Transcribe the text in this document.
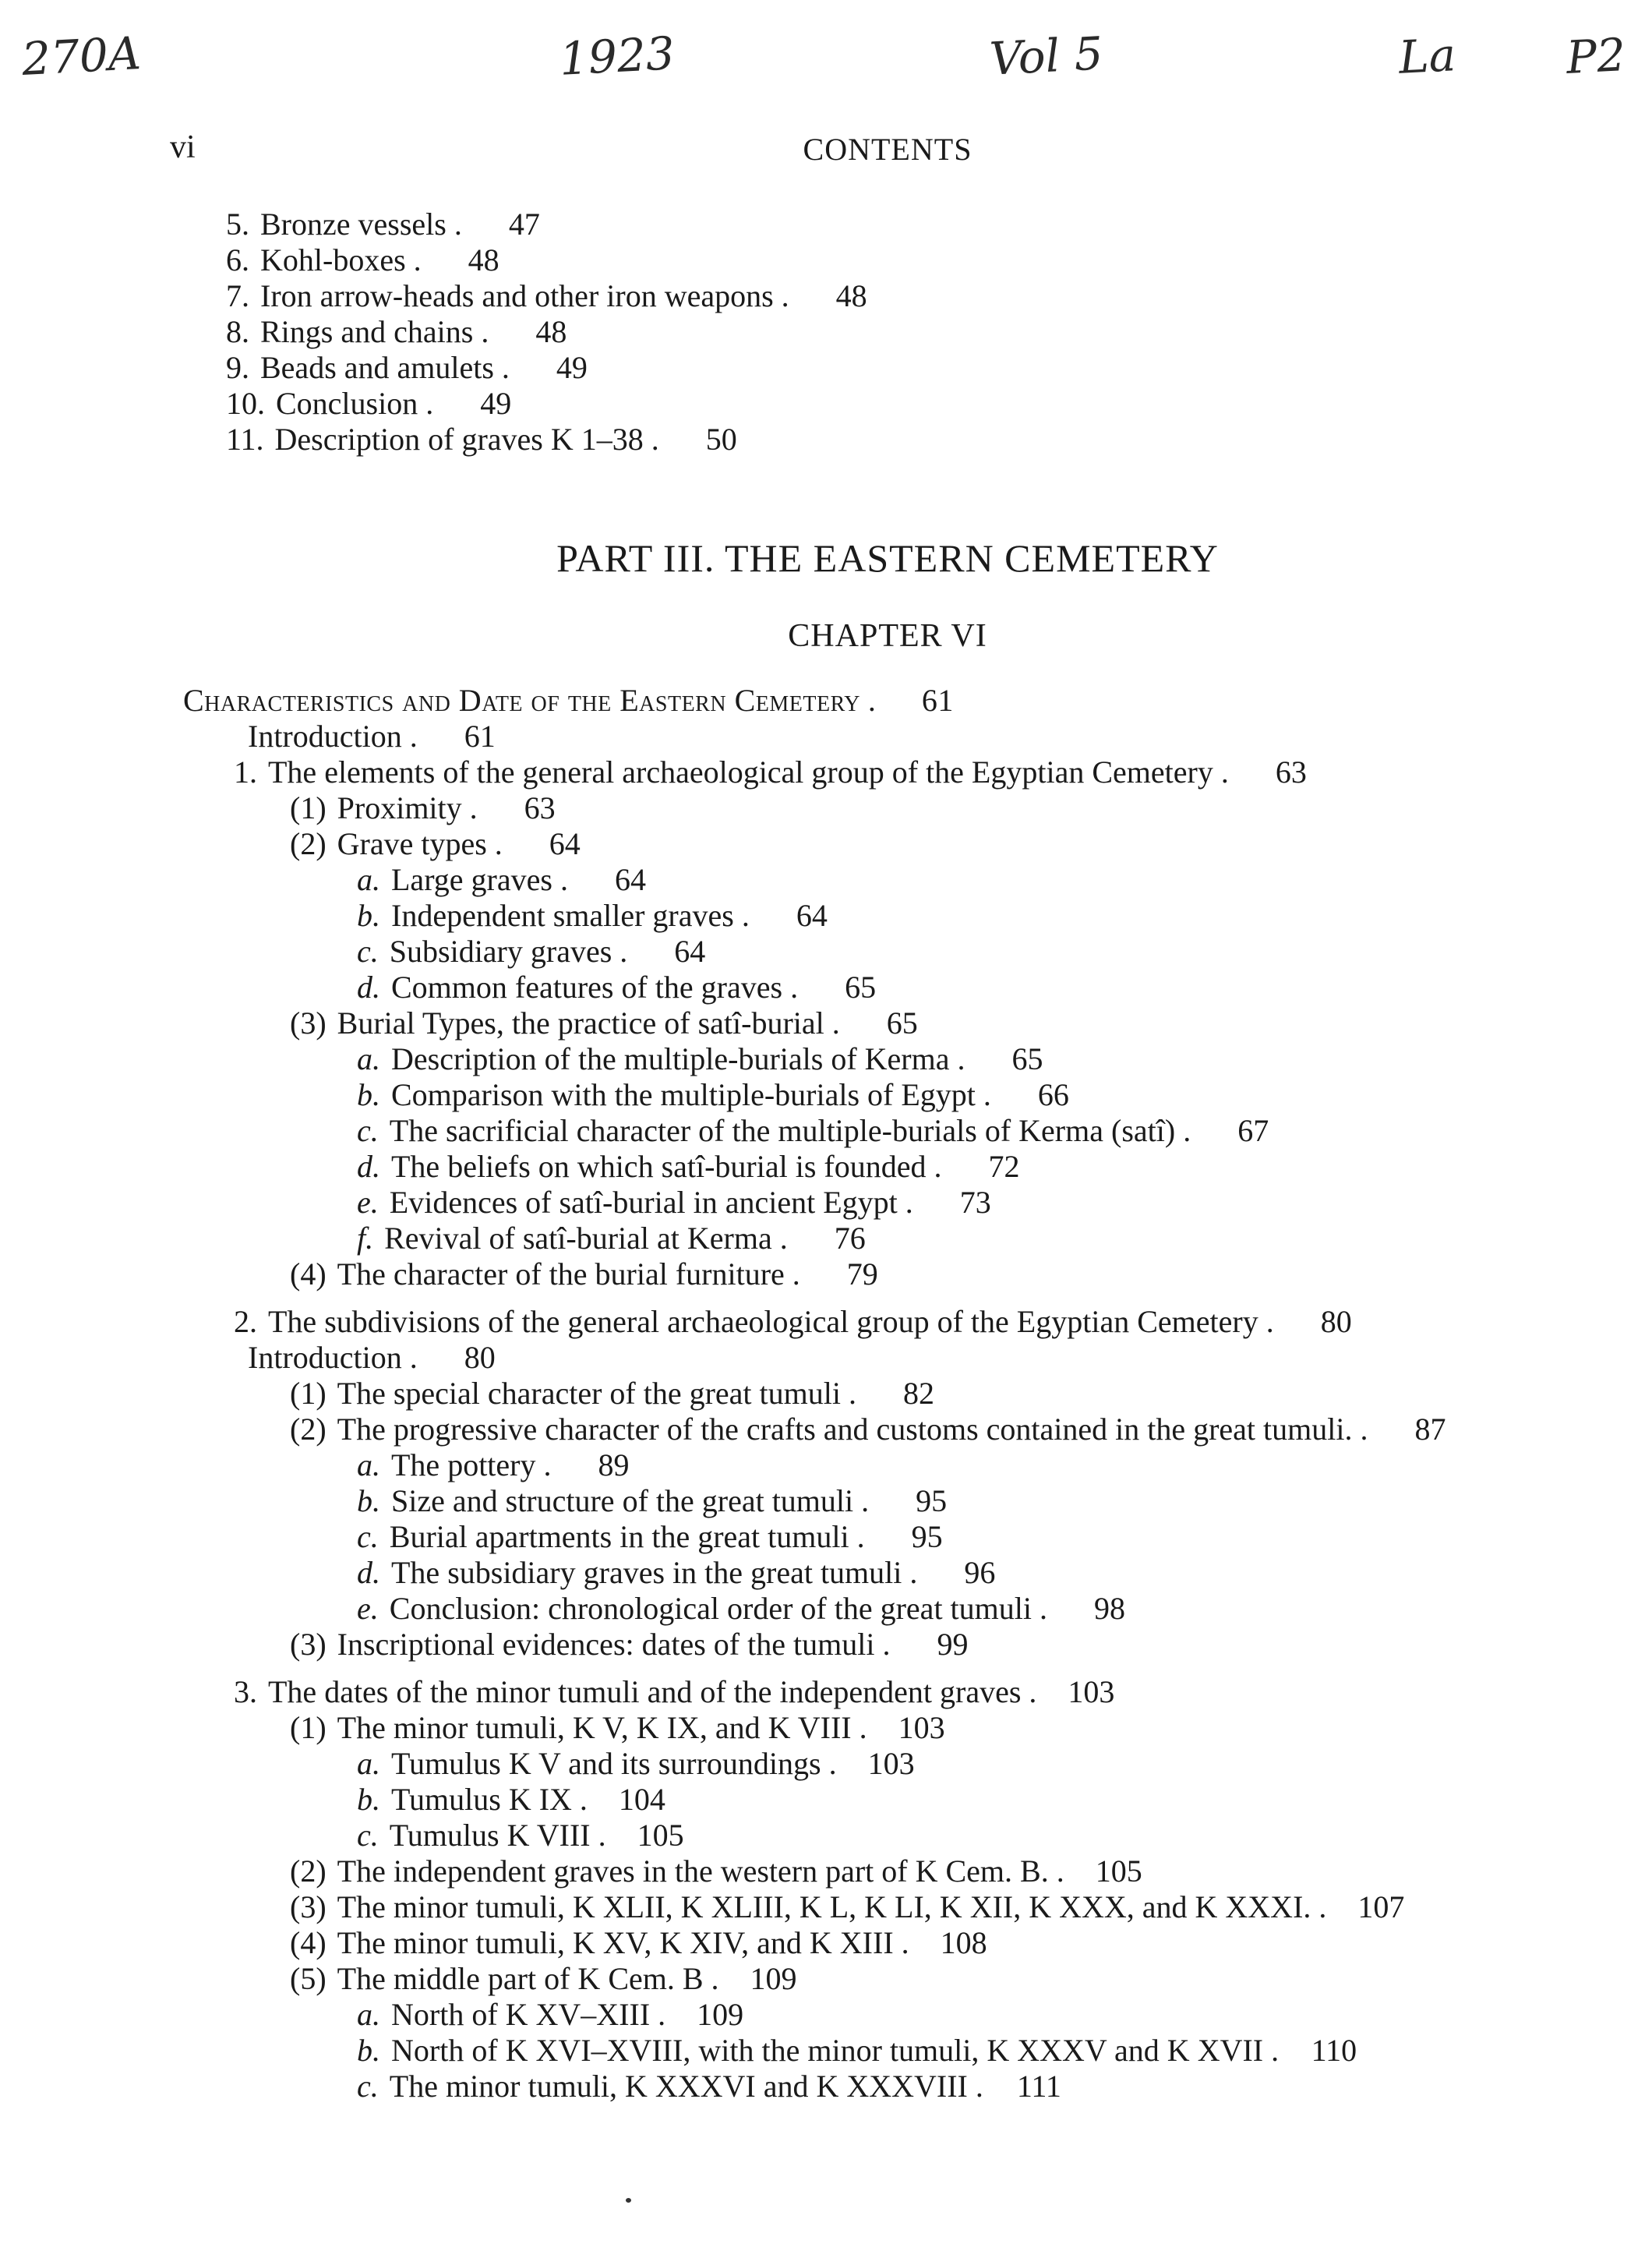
270A	1923	Vol 5	La P2
vi	CONTENTS
5. Bronze vessels . . .	47
6. Kohl-boxes . . .	48
7. Iron arrow-heads and other iron weapons . . .	48
8. Rings and chains . . .	48
9. Beads and amulets . . .	49
10. Conclusion . . .	49
11. Description of graves K 1–38 . . .	50
PART III. THE EASTERN CEMETERY
CHAPTER VI
Characteristics and Date of the Eastern Cemetery . . .	61
Introduction . . .	61
1. The elements of the general archaeological group of the Egyptian Cemetery . . .	63
(1) Proximity . . .	63
(2) Grave types . . .	64
a. Large graves . . .	64
b. Independent smaller graves . . .	64
c. Subsidiary graves . . .	64
d. Common features of the graves . . .	65
(3) Burial Types, the practice of satî-burial . . .	65
a. Description of the multiple-burials of Kerma . . .	65
b. Comparison with the multiple-burials of Egypt . . .	66
c. The sacrificial character of the multiple-burials of Kerma (satî) . . .	67
d. The beliefs on which satî-burial is founded . . .	72
e. Evidences of satî-burial in ancient Egypt . . .	73
f. Revival of satî-burial at Kerma . . .	76
(4) The character of the burial furniture . . .	79
2. The subdivisions of the general archaeological group of the Egyptian Cemetery . . .	80
Introduction . . .	80
(1) The special character of the great tumuli . . .	82
(2) The progressive character of the crafts and customs contained in the great tumuli. . . .	87
a. The pottery . . .	89
b. Size and structure of the great tumuli . . .	95
c. Burial apartments in the great tumuli . . .	95
d. The subsidiary graves in the great tumuli . . .	96
e. Conclusion: chronological order of the great tumuli . . .	98
(3) Inscriptional evidences: dates of the tumuli . . .	99
3. The dates of the minor tumuli and of the independent graves . . .	103
(1) The minor tumuli, K V, K IX, and K VIII . . .	103
a. Tumulus K V and its surroundings . . .	103
b. Tumulus K IX . . .	104
c. Tumulus K VIII . . .	105
(2) The independent graves in the western part of K Cem. B. . . .	105
(3) The minor tumuli, K XLII, K XLIII, K L, K LI, K XII, K XXX, and K XXXI. . . .	107
(4) The minor tumuli, K XV, K XIV, and K XIII . . .	108
(5) The middle part of K Cem. B . . .	109
a. North of K XV–XIII . . .	109
b. North of K XVI–XVIII, with the minor tumuli, K XXXV and K XVII . . .	110
c. The minor tumuli, K XXXVI and K XXXVIII . . .	111
